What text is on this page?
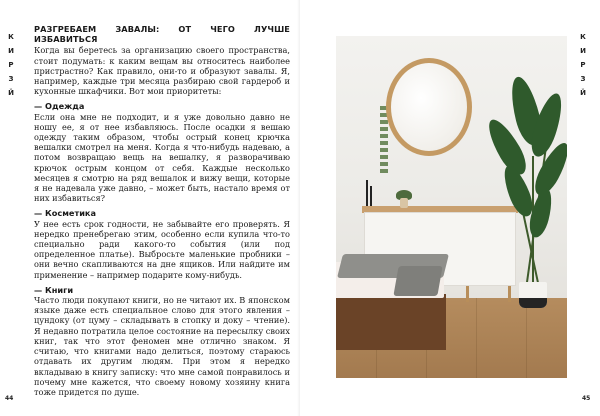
К
И
Р
З
Й
РАЗГРЕБАЕМ ЗАВАЛЫ: ОТ ЧЕГО ЛУЧШЕ ИЗБАВИТЬСЯ

Когда вы беретесь за организацию своего пространства, стоит подумать: к каким вещам вы относитесь наиболее пристрастно? Как правило, они-то и образуют завалы. Я, например, каждые три месяца разбираю свой гардероб и кухонные шкафчики. Вот мои приоритеты:

— Одежда

Если она мне не подходит, и я уже довольно давно не ношу ее, я от нее избавляюсь. После осадки я вешаю одежду таким образом, чтобы острый конец крючка вешалки смотрел на меня. Когда я что-нибудь надеваю, а потом возвращаю вещь на вешалку, я разворачиваю крючок острым концом от себя. Каждые несколько месяцев я смотрю на ряд вешалок и вижу вещи, которые я не надевала уже давно, – может быть, настало время от них избавиться?

— Косметика

У нее есть срок годности, не забывайте его проверять. Я нередко пренебрегаю этим, особенно если купила что-то специально ради какого-то события (или под определенное платье). Выбросьте маленькие пробники – они вечно скапливаются на дне ящиков. Или найдите им применение – например подарите кому-нибудь.

— Книги

Часто люди покупают книги, но не читают их. В японском языке даже есть специальное слово для этого явления – цундоку (от цуму – складывать в стопку и доку – чтение). Я недавно потратила целое состояние на пересылку своих книг, так что этот феномен мне отлично знаком. Я считаю, что книгами надо делиться, поэтому стараюсь отдавать их другим людям. При этом я нередко вкладываю в книгу записку: что мне самой понравилось и почему мне кажется, что своему новому хозяину книга тоже придется по душе.

44
К
И
Р
З
Й
45
